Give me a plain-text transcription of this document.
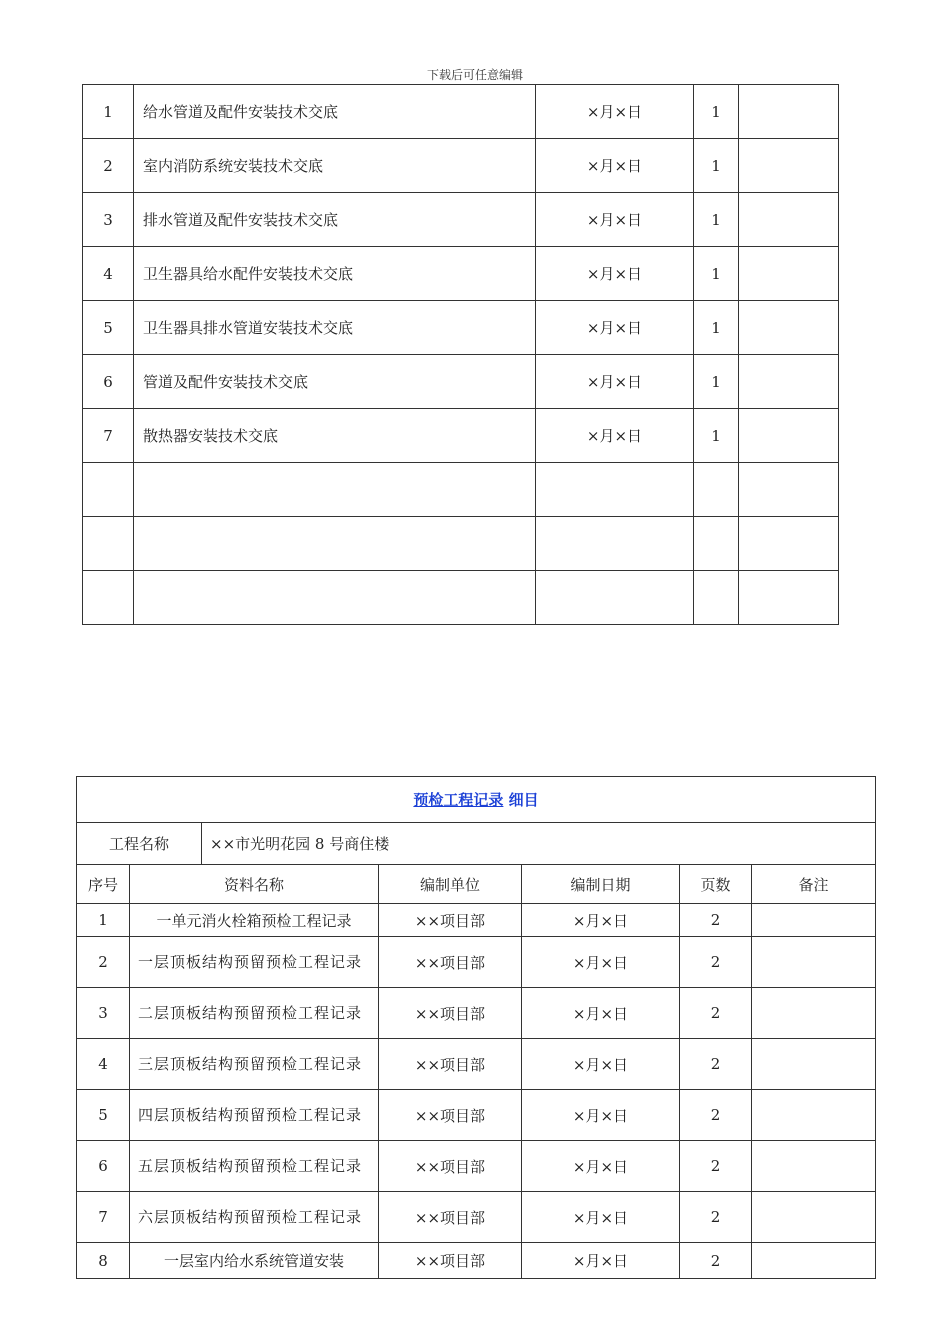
下载后可任意编辑
1	给水管道及配件安装技术交底	×月×日	1	
2	室内消防系统安装技术交底	×月×日	1	
3	排水管道及配件安装技术交底	×月×日	1	
4	卫生器具给水配件安装技术交底	×月×日	1	
5	卫生器具排水管道安装技术交底	×月×日	1	
6	管道及配件安装技术交底	×月×日	1	
7	散热器安装技术交底	×月×日	1	

预检工程记录 细目						
工程名称		××市光明花园 8 号商住楼				
序号	资料名称		编制单位	编制日期	页数	备注
1	一单元消火栓箱预检工程记录		××项目部	×月×日	2	
2	一层顶板结构预留预检工程记录		××项目部	×月×日	2	
3	二层顶板结构预留预检工程记录		××项目部	×月×日	2	
4	三层顶板结构预留预检工程记录		××项目部	×月×日	2	
5	四层顶板结构预留预检工程记录		××项目部	×月×日	2	
6	五层顶板结构预留预检工程记录		××项目部	×月×日	2	
7	六层顶板结构预留预检工程记录		××项目部	×月×日	2	
8	一层室内给水系统管道安装		××项目部	×月×日	2	
